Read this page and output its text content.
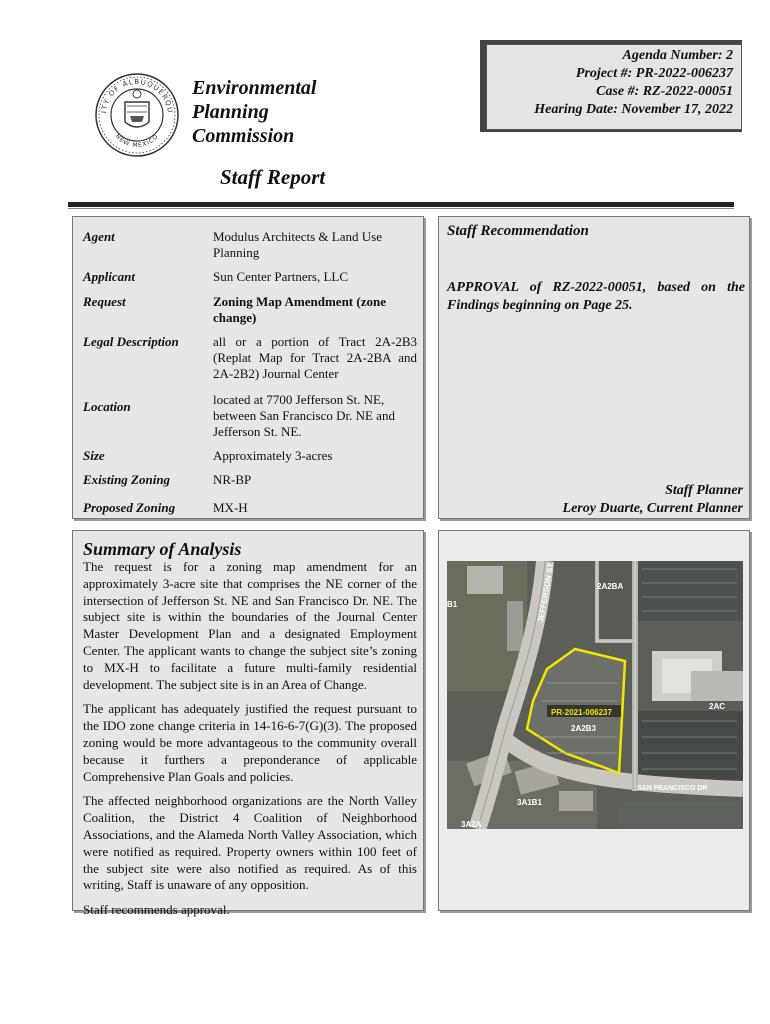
ITY OF ALBUQUERQU
NEW MEXICO
Environmental
Planning
Commission
Agenda Number: 2
Project #: PR-2022-006237
Case #: RZ-2022-00051
Hearing Date: November 17, 2022
Staff Report
Agent	Modulus Architects & Land Use Planning
Applicant	Sun Center Partners, LLC
Request	Zoning Map Amendment (zone change)
Legal Description	all or a portion of Tract 2A-2B3 (Replat Map for Tract 2A-2BA and 2A-2B2) Journal Center
Location	located at 7700 Jefferson St. NE, between San Francisco Dr. NE and Jefferson St. NE.
Size	Approximately 3-acres
Existing Zoning	NR-BP
Proposed Zoning	MX-H
Staff Recommendation
APPROVAL of RZ-2022-00051, based on the Findings beginning on Page 25.
Staff Planner
Leroy Duarte, Current Planner
Summary of Analysis

The request is for a zoning map amendment for an approximately 3-acre site that comprises the NE corner of the intersection of Jefferson St. NE and San Francisco Dr. NE. The subject site is within the boundaries of the Journal Center Master Development Plan and a designated Employment Center. The applicant wants to change the subject site’s zoning to MX-H to facilitate a future multi-family residential development. The subject site is in an Area of Change.

The applicant has adequately justified the request pursuant to the IDO zone change criteria in 14-16-6-7(G)(3). The proposed zoning would be more advantageous to the community overall because it furthers a preponderance of applicable Comprehensive Plan Goals and policies.

The affected neighborhood organizations are the North Valley Coalition, the District 4 Coalition of Neighborhood Associations, and the Alameda North Valley Association, which were notified as required. Property owners within 100 feet of the subject site were also notified as required. As of this writing, Staff is unaware of any opposition.

Staff recommends approval.

JEFFERSON ST
SAN FRANCISCO DR
PR-2021-006237
2A2B3
2A2BA
2AC
3A1B1
3A2A
B1
